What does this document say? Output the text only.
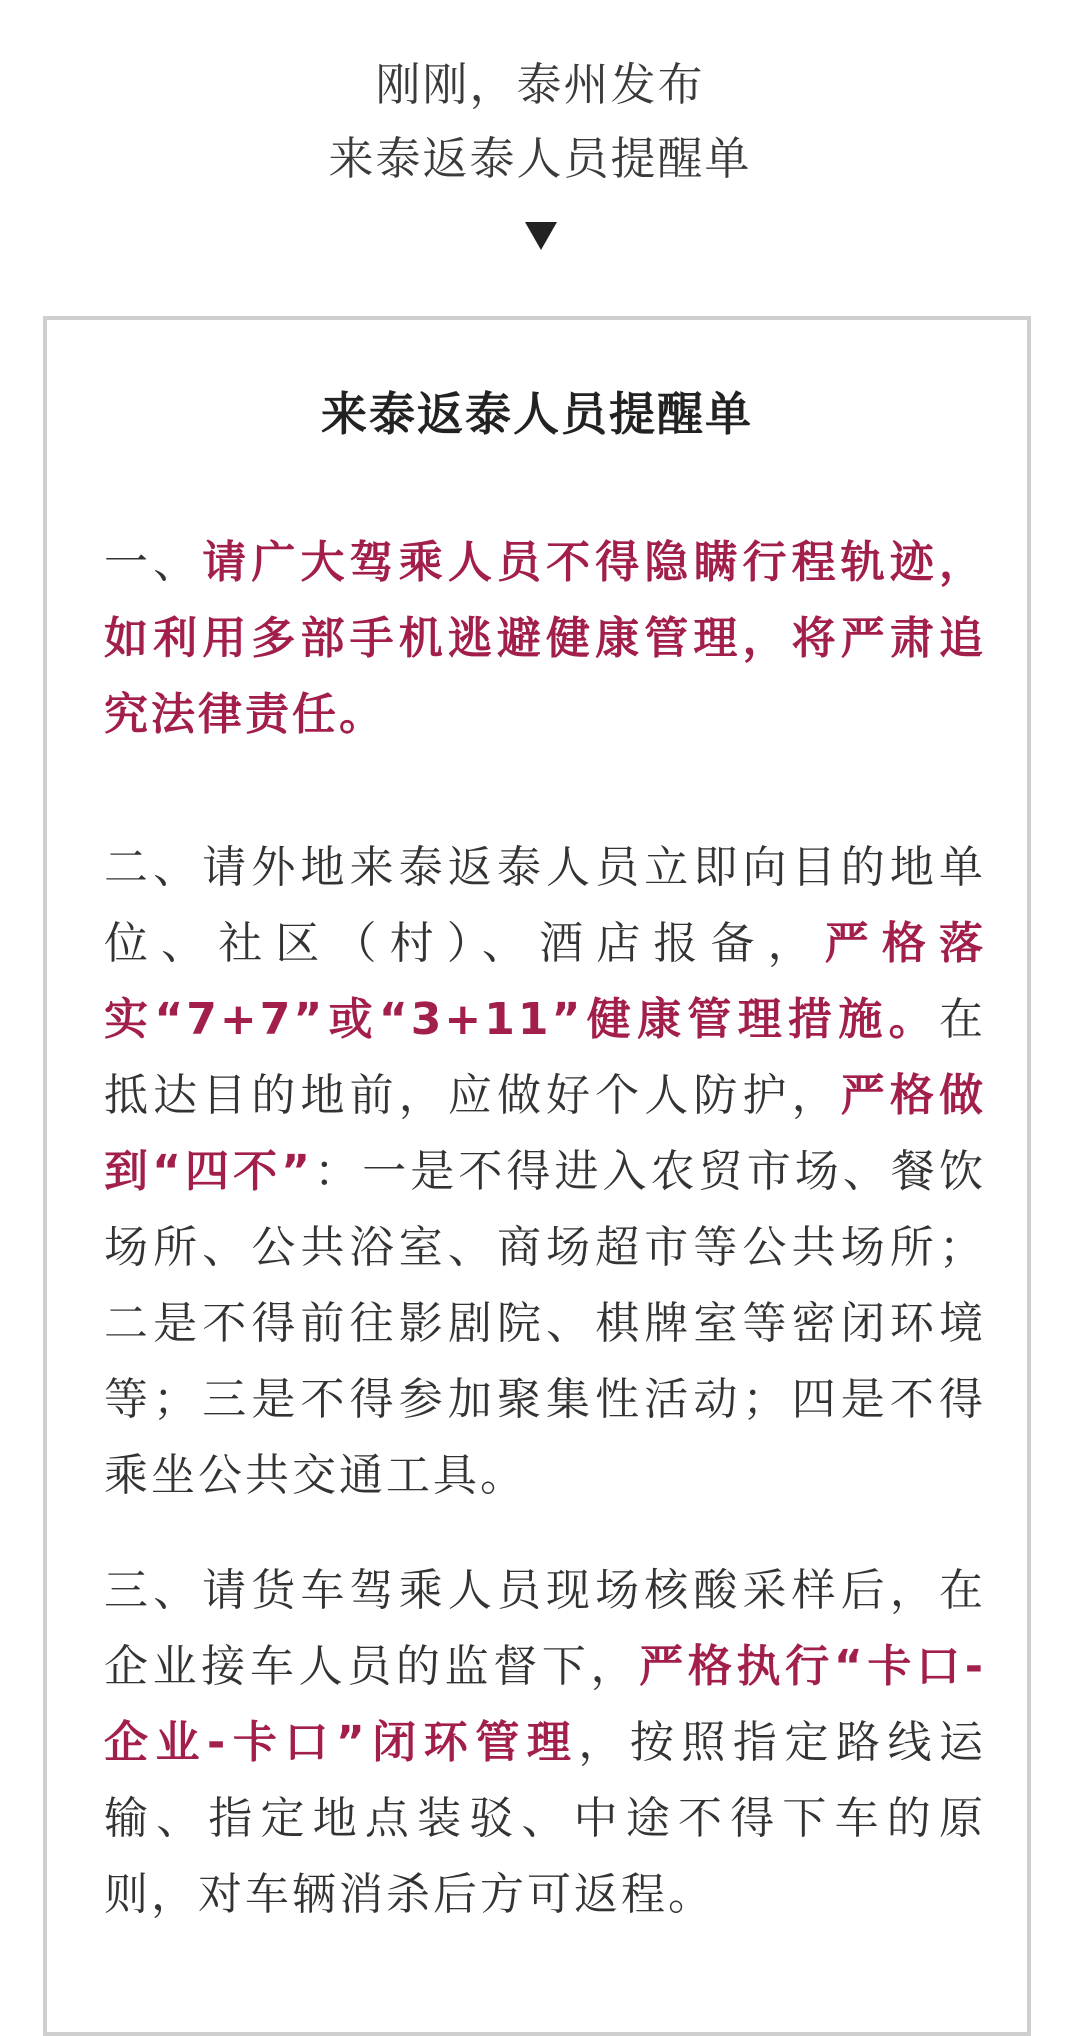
刚刚，泰州发布
来泰返泰人员提醒单
来泰返泰人员提醒单
一、请广大驾乘人员不得隐瞒行程轨迹，如利用多部手机逃避健康管理，将严肃追究法律责任。
二、请外地来泰返泰人员立即向目的地单位、社区（村）、酒店报备，严格落实“7+7”或“3+11”健康管理措施。在抵达目的地前，应做好个人防护，严格做到“四不”：一是不得进入农贸市场、餐饮场所、公共浴室、商场超市等公共场所；二是不得前往影剧院、棋牌室等密闭环境等；三是不得参加聚集性活动；四是不得乘坐公共交通工具。
三、请货车驾乘人员现场核酸采样后，在企业接车人员的监督下，严格执行“卡口-企业-卡口”闭环管理，按照指定路线运输、指定地点装驳、中途不得下车的原则，对车辆消杀后方可返程。
